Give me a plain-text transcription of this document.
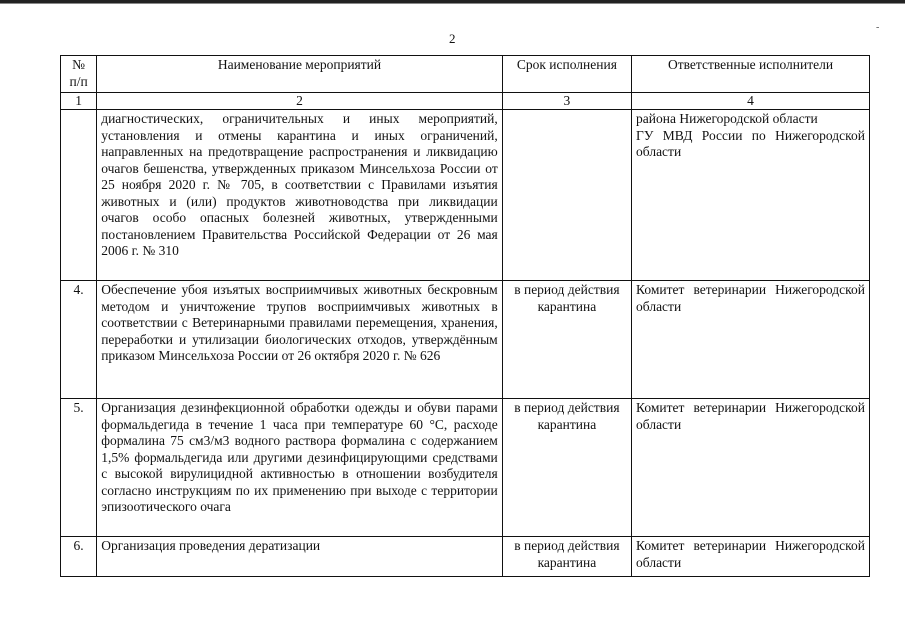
2
№ п/п	Наименование мероприятий	Срок исполнения	Ответственные исполнители
1	2	3	4
	диагностических, ограничительных и иных мероприятий, установления и отмены карантина и иных ограничений, направленных на предотвращение распространения и ликвидацию очагов бешенства, утвержденных приказом Минсельхоза России от 25 ноября 2020 г. № 705, в соответствии с Правилами изъятия животных и (или) продуктов животноводства при ликвидации очагов особо опасных болезней животных, утвержденными постановлением Правительства Российской Федерации от 26 мая 2006 г. № 310		района Нижегородской области
ГУ МВД России по Нижегородской области

4.	Обеспечение убоя изъятых восприимчивых животных бескровным методом и уничтожение трупов восприимчивых животных в соответствии с Ветеринарными правилами перемещения, хранения, переработки и утилизации биологических отходов, утверждённым приказом Минсельхоза России от 26 октября 2020 г. № 626	в период действия карантина	Комитет ветеринарии Нижегородской области

5.	Организация дезинфекционной обработки одежды и обуви парами формальдегида в течение 1 часа при температуре 60 °С, расходе формалина 75 см3/м3 водного раствора формалина с содержанием 1,5% формальдегида или другими дезинфицирующими средствами с высокой вирулицидной активностью в отношении возбудителя согласно инструкциям по их применению при выходе с территории эпизоотического очага	в период действия карантина	Комитет ветеринарии Нижегородской области

6.	Организация проведения дератизации	в период действия карантина	Комитет ветеринарии Нижегородской области
-
